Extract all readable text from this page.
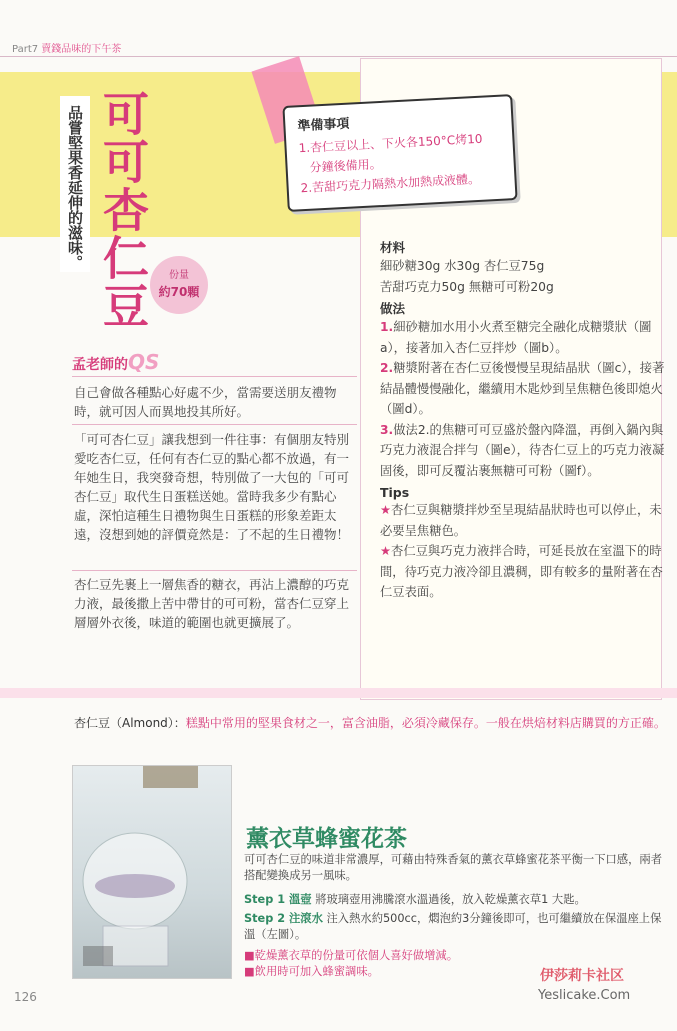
Part7 賣錢品味的下午茶
準備事項
1.杏仁豆以上、下火各150°C烤10
分鐘後備用。
2.苦甜巧克力隔熱水加熱成液體。
品嘗堅果香延伸的滋味。 可可杏仁豆	份量
約70顆
孟老師的QS
自己會做各種點心好處不少，當需要送朋友禮物時，就可因人而異地投其所好。
「可可杏仁豆」讓我想到一件往事：有個朋友特別愛吃杏仁豆，任何有杏仁豆的點心都不放過，有一年她生日，我突發奇想，特別做了一大包的「可可杏仁豆」取代生日蛋糕送她。當時我多少有點心虛，深怕這種生日禮物與生日蛋糕的形象差距太遠，沒想到她的評價竟然是：了不起的生日禮物！
杏仁豆先裹上一層焦香的糖衣，再沾上濃醇的巧克力液，最後撒上苦中帶甘的可可粉，當杏仁豆穿上層層外衣後，味道的範圍也就更擴展了。
材料
細砂糖30g 水30g 杏仁豆75g
苦甜巧克力50g 無糖可可粉20g
做法
1.細砂糖加水用小火煮至糖完全融化成糖漿狀（圖a），接著加入杏仁豆拌炒（圖b）。
2.糖漿附著在杏仁豆後慢慢呈現結晶狀（圖c），接著結晶體慢慢融化，繼續用木匙炒到呈焦糖色後即熄火（圖d）。
3.做法2.的焦糖可可豆盛於盤內降溫，再倒入鍋內與巧克力液混合拌勻（圖e），待杏仁豆上的巧克力液凝固後，即可反覆沾裹無糖可可粉（圖f）。
Tips
★杏仁豆與糖漿拌炒至呈現結晶狀時也可以停止，未必要呈焦糖色。
★杏仁豆與巧克力液拌合時，可延長放在室溫下的時間，待巧克力液冷卻且濃稠，即有較多的量附著在杏仁豆表面。
杏仁豆（Almond）：糕點中常用的堅果食材之一，富含油脂，必須冷藏保存。一般在烘焙材料店購買的方正確。
薰衣草蜂蜜花茶
可可杏仁豆的味道非常濃厚，可藉由特殊香氣的薰衣草蜂蜜花茶平衡一下口感，兩者搭配變換成另一風味。
Step 1 溫壺 將玻璃壺用沸騰滾水溫過後，放入乾燥薰衣草1 大匙。
Step 2 注滾水 注入熱水約500cc，燜泡約3分鐘後即可，也可繼續放在保溫座上保溫（左圖）。
■乾燥薰衣草的份量可依個人喜好做增減。
■飲用時可加入蜂蜜調味。
126
伊莎莉卡社区
Yeslicake.Com
